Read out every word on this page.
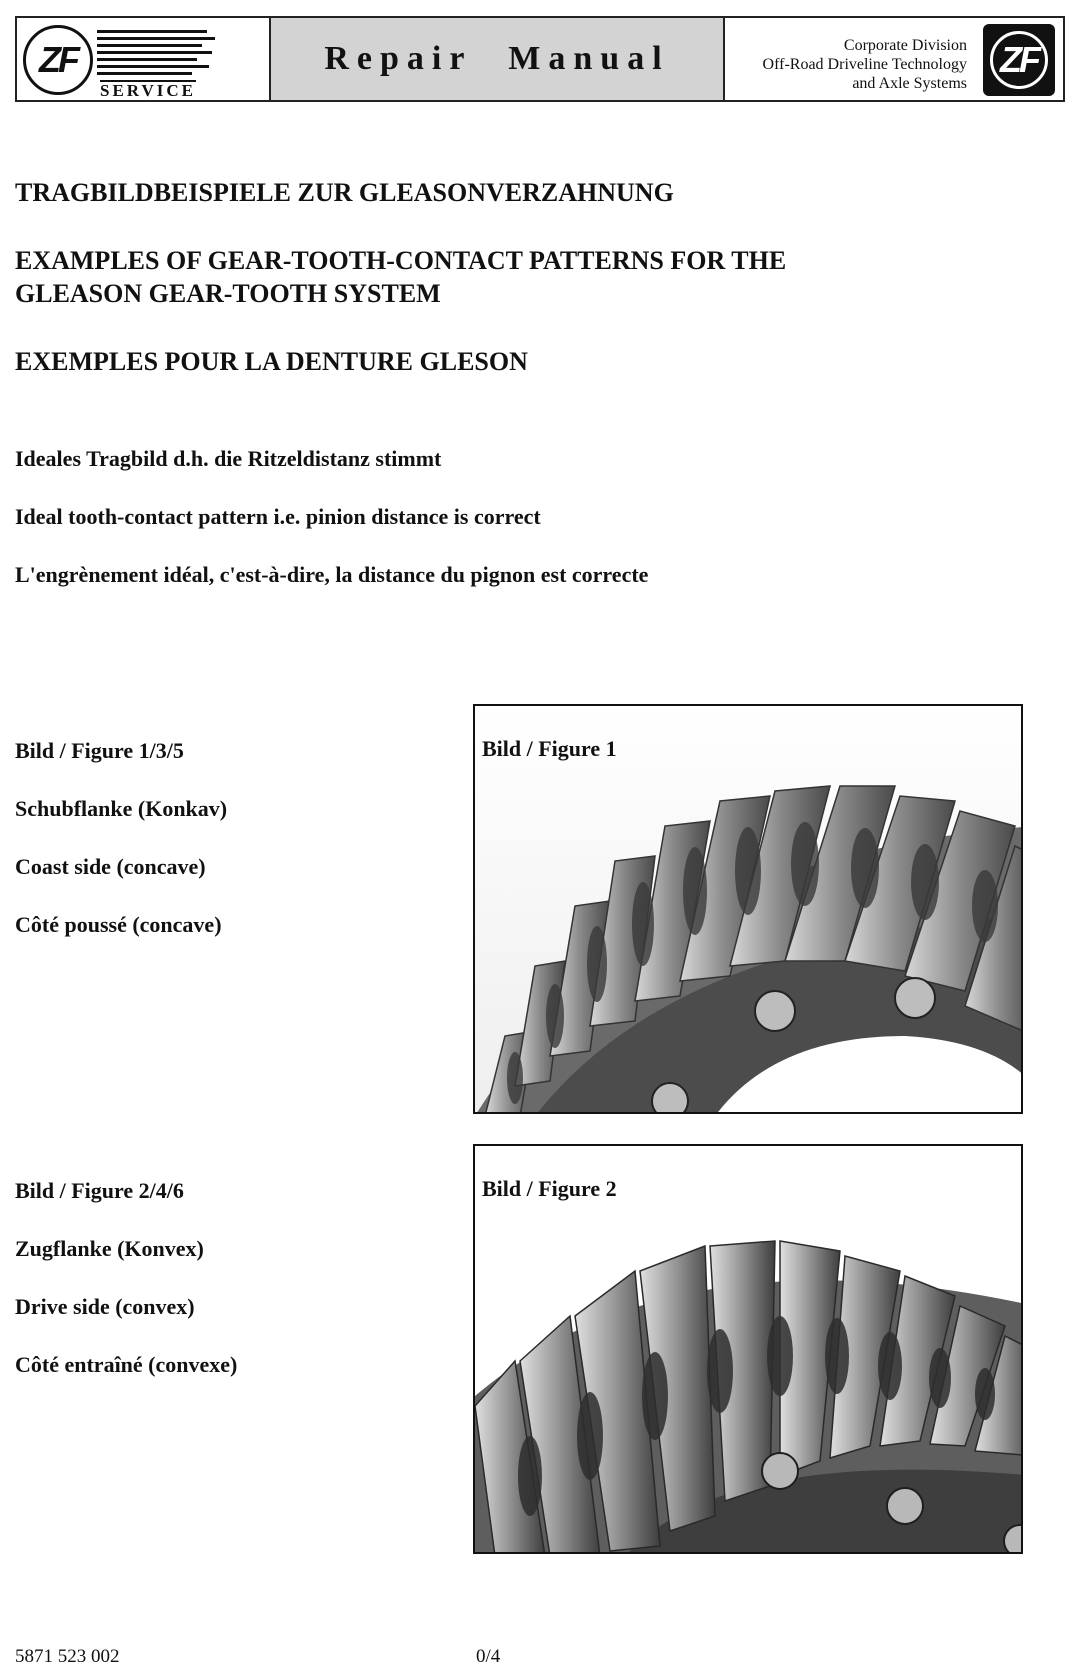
ZF
SERVICE
Repair Manual	Corporate Division
Off-Road Driveline Technology
and Axle Systems
ZF
TRAGBILDBEISPIELE ZUR GLEASONVERZAHNUNG
EXAMPLES OF GEAR-TOOTH-CONTACT PATTERNS FOR THE
GLEASON GEAR-TOOTH SYSTEM
EXEMPLES POUR LA DENTURE GLESON
Ideales Tragbild d.h. die Ritzeldistanz stimmt
Ideal tooth-contact pattern i.e. pinion distance is correct
L'engrènement idéal, c'est-à-dire, la distance du pignon est correcte
Bild / Figure 1/3/5
Schubflanke (Konkav)
Coast side (concave)
Côté poussé (concave)
Bild / Figure 1
Bild / Figure 2/4/6
Zugflanke (Konvex)
Drive side (convex)
Côté entraîné (convexe)
Bild / Figure 2
5871 523 002	0/4
